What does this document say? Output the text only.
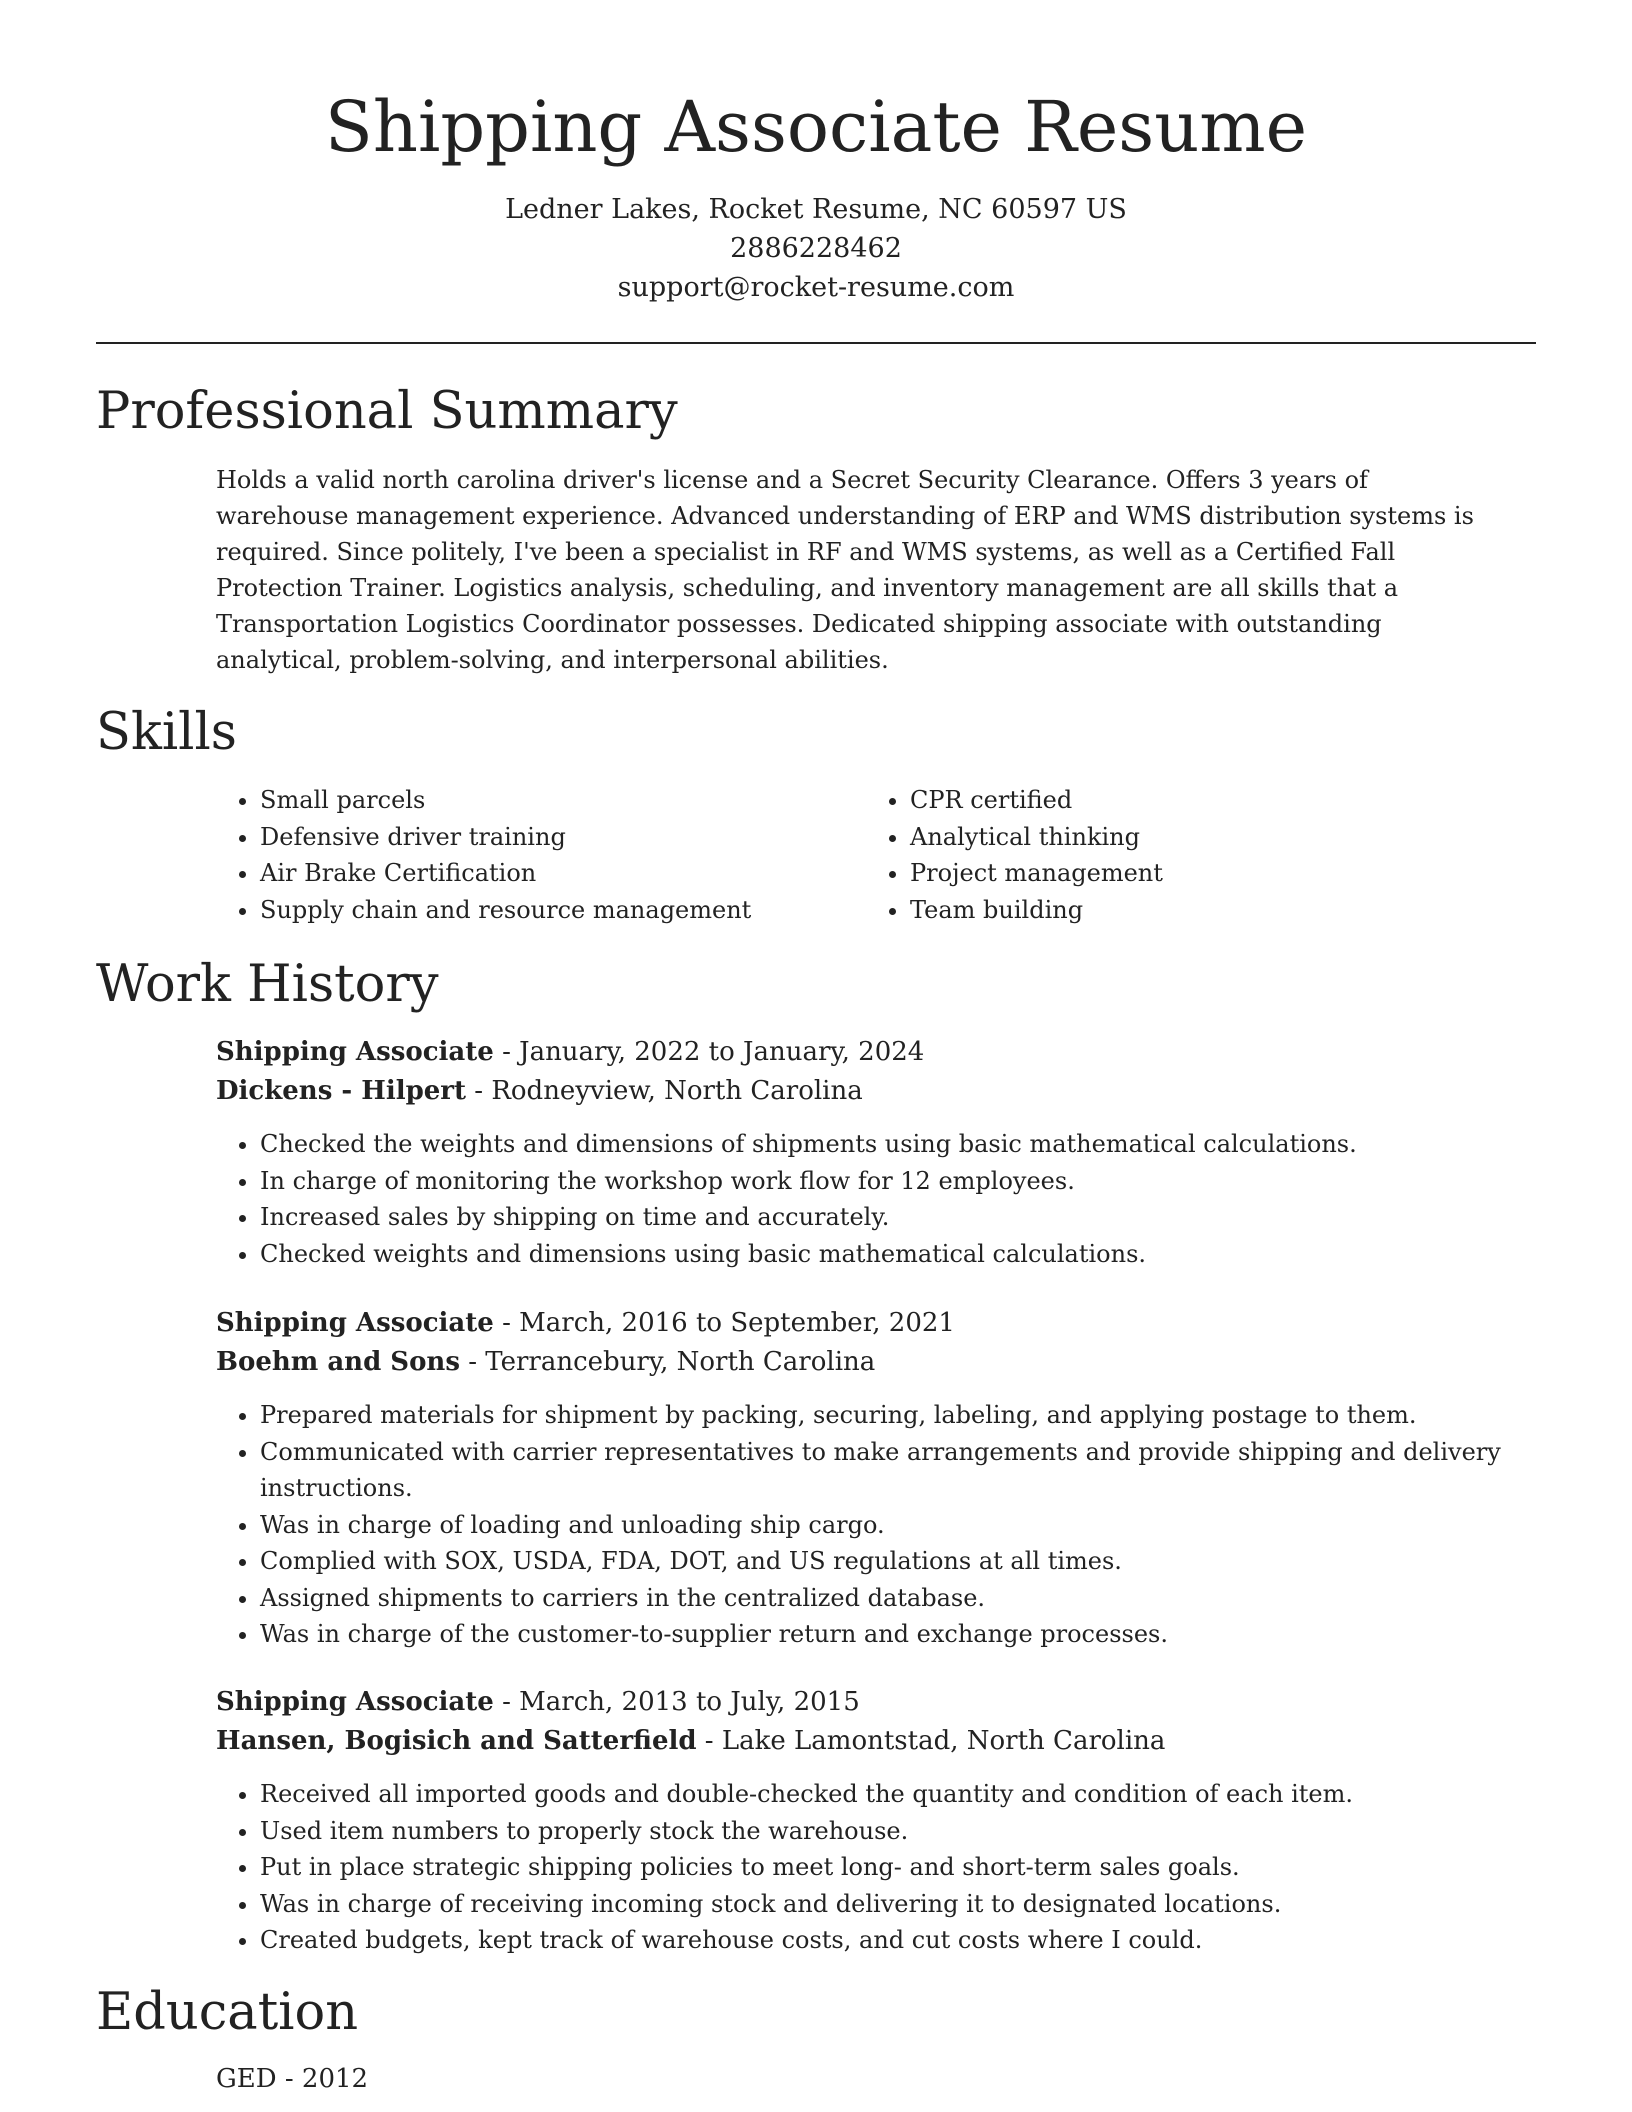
Shipping Associate Resume
Ledner Lakes, Rocket Resume, NC 60597 US
2886228462
support@rocket-resume.com
Professional Summary

Holds a valid north carolina driver's license and a Secret Security Clearance. Offers 3 years of warehouse management experience. Advanced understanding of ERP and WMS distribution systems is required. Since politely, I've been a specialist in RF and WMS systems, as well as a Certified Fall Protection Trainer. Logistics analysis, scheduling, and inventory management are all skills that a Transportation Logistics Coordinator possesses. Dedicated shipping associate with outstanding analytical, problem-solving, and interpersonal abilities.

Skills
• Small parcels
• Defensive driver training
• Air Brake Certification
• Supply chain and resource management
• CPR certified
• Analytical thinking
• Project management
• Team building
Work History
Shipping Associate - January, 2022 to January, 2024
Dickens - Hilpert - Rodneyview, North Carolina
• Checked the weights and dimensions of shipments using basic mathematical calculations.
• In charge of monitoring the workshop work flow for 12 employees.
• Increased sales by shipping on time and accurately.
• Checked weights and dimensions using basic mathematical calculations.
Shipping Associate - March, 2016 to September, 2021
Boehm and Sons - Terrancebury, North Carolina
• Prepared materials for shipment by packing, securing, labeling, and applying postage to them.
• Communicated with carrier representatives to make arrangements and provide shipping and delivery instructions.
• Was in charge of loading and unloading ship cargo.
• Complied with SOX, USDA, FDA, DOT, and US regulations at all times.
• Assigned shipments to carriers in the centralized database.
• Was in charge of the customer-to-supplier return and exchange processes.
Shipping Associate - March, 2013 to July, 2015
Hansen, Bogisich and Satterfield - Lake Lamontstad, North Carolina
• Received all imported goods and double-checked the quantity and condition of each item.
• Used item numbers to properly stock the warehouse.
• Put in place strategic shipping policies to meet long- and short-term sales goals.
• Was in charge of receiving incoming stock and delivering it to designated locations.
• Created budgets, kept track of warehouse costs, and cut costs where I could.
Education
GED - 2012
